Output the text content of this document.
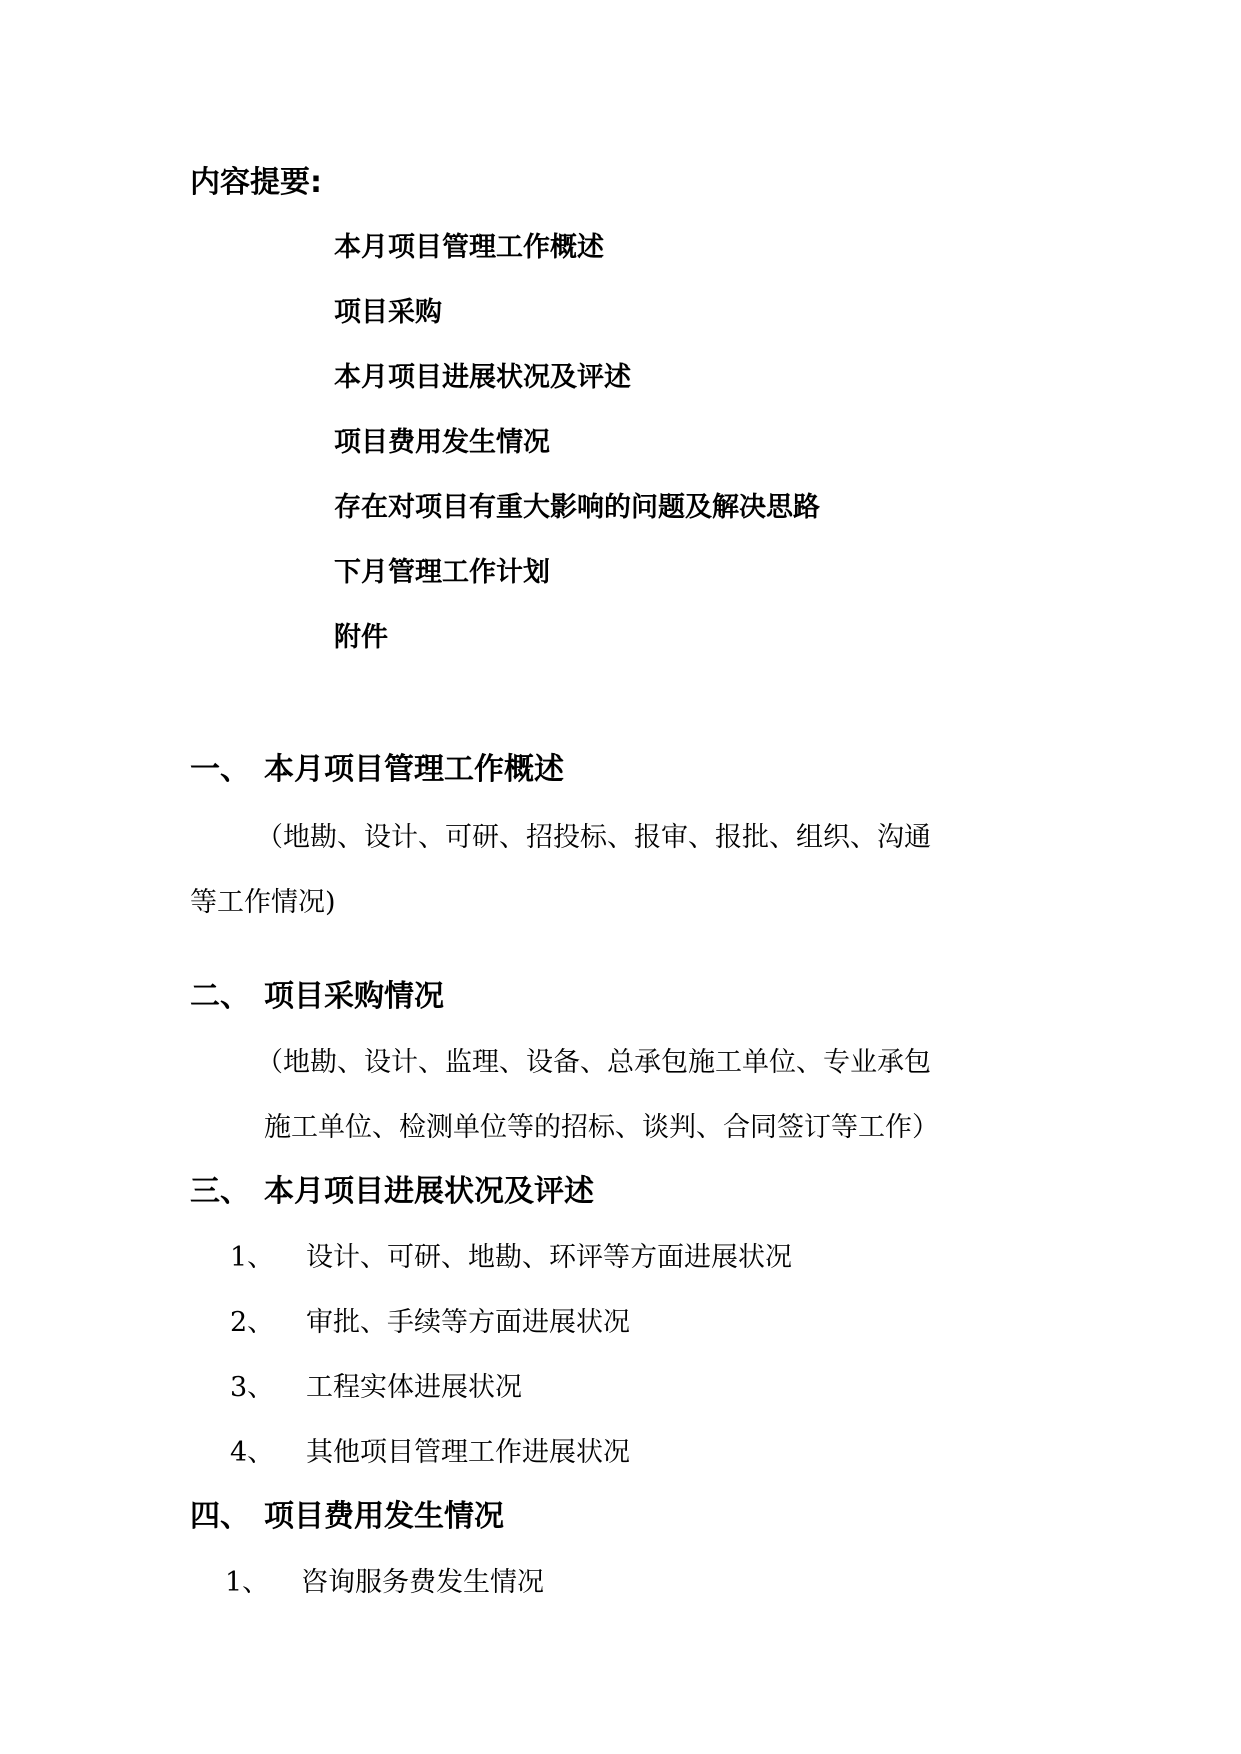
内容提要:
本月项目管理工作概述
项目采购
本月项目进展状况及评述
项目费用发生情况
存在对项目有重大影响的问题及解决思路
下月管理工作计划
附件
一、 本月项目管理工作概述

（地勘、设计、可研、招投标、报审、报批、组织、沟通

等工作情况)

二、 项目采购情况

（地勘、设计、监理、设备、总承包施工单位、专业承包

施工单位、检测单位等的招标、谈判、合同签订等工作）

三、 本月项目进展状况及评述

1、 设计、可研、地勘、环评等方面进展状况

2、 审批、手续等方面进展状况

3、 工程实体进展状况

4、 其他项目管理工作进展状况

四、 项目费用发生情况

1、 咨询服务费发生情况
